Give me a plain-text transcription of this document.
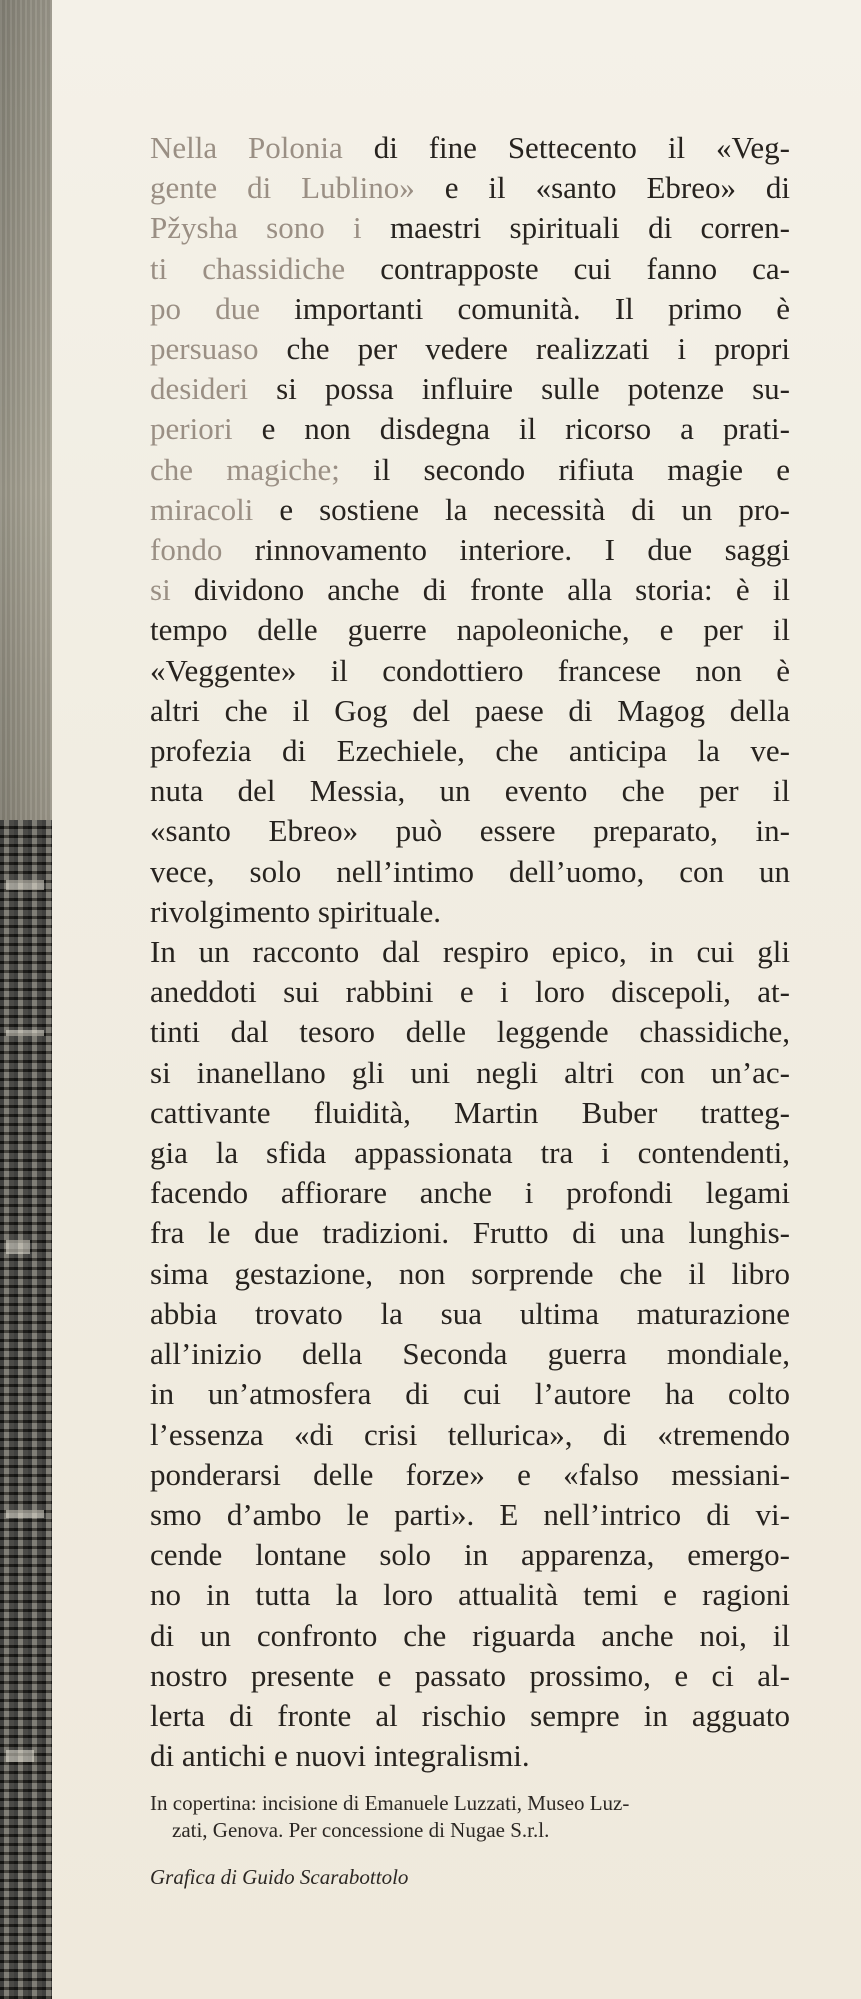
Nella Polonia di fine Settecento il «Veg-
gente di Lublino» e il «santo Ebreo» di
Pžysha sono i maestri spirituali di corren-
ti chassidiche contrapposte cui fanno ca-
po due importanti comunità. Il primo è
persuaso che per vedere realizzati i propri
desideri si possa influire sulle potenze su-
periori e non disdegna il ricorso a prati-
che magiche; il secondo rifiuta magie e
miracoli e sostiene la necessità di un pro-
fondo rinnovamento interiore. I due saggi
si dividono anche di fronte alla storia: è il
tempo delle guerre napoleoniche, e per il
«Veggente» il condottiero francese non è
altri che il Gog del paese di Magog della
profezia di Ezechiele, che anticipa la ve-
nuta del Messia, un evento che per il
«santo Ebreo» può essere preparato, in-
vece, solo nell’intimo dell’uomo, con un
rivolgimento spirituale.
In un racconto dal respiro epico, in cui gli
aneddoti sui rabbini e i loro discepoli, at-
tinti dal tesoro delle leggende chassidiche,
si inanellano gli uni negli altri con un’ac-
cattivante fluidità, Martin Buber tratteg-
gia la sfida appassionata tra i contendenti,
facendo affiorare anche i profondi legami
fra le due tradizioni. Frutto di una lunghis-
sima gestazione, non sorprende che il libro
abbia trovato la sua ultima maturazione
all’inizio della Seconda guerra mondiale,
in un’atmosfera di cui l’autore ha colto
l’essenza «di crisi tellurica», di «tremendo
ponderarsi delle forze» e «falso messiani-
smo d’ambo le parti». E nell’intrico di vi-
cende lontane solo in apparenza, emergo-
no in tutta la loro attualità temi e ragioni
di un confronto che riguarda anche noi, il
nostro presente e passato prossimo, e ci al-
lerta di fronte al rischio sempre in agguato
di antichi e nuovi integralismi.
In copertina: incisione di Emanuele Luzzati, Museo Luz-
zati, Genova. Per concessione di Nugae S.r.l.
Grafica di Guido Scarabottolo
